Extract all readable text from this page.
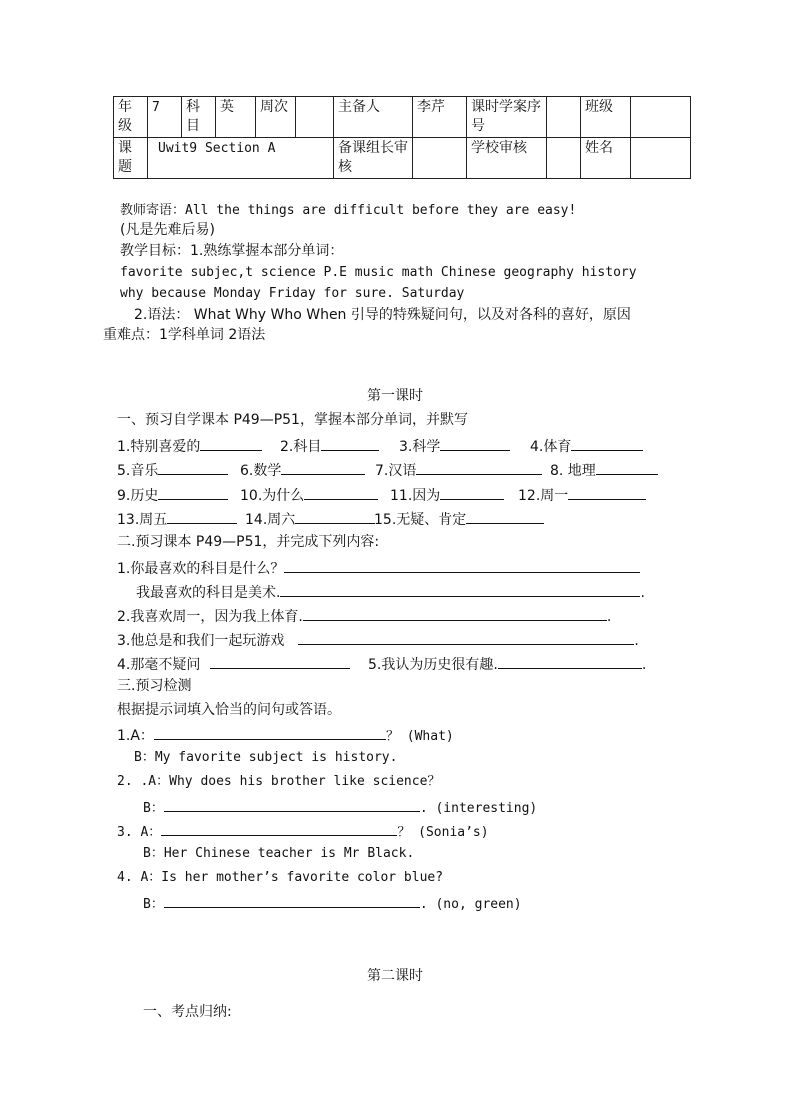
年级	7	科目	英	周次		主备人	李芹	课时学案序号		班级	
课题	Uwit9 Section A					备课组长审核		学校审核		姓名	
教师寄语：All the things are difficult before they are easy!
(凡是先难后易)
教学目标：1.熟练掌握本部分单词：
favorite subjec,t science P.E music math Chinese geography history
why because Monday Friday for sure. Saturday
2.语法： What Why Who When 引导的特殊疑问句，以及对各科的喜好，原因
重难点：1学科单词 2语法
第一课时
一、预习自学课本 P49—P51，掌握本部分单词，并默写
1.特别喜爱的	2.科目	3.科学	4.体育
5.音乐	6.数学	7.汉语	8. 地理
9.历史	10.为什么	11.因为	12.周一
13.周五	14.周六	15.无疑、肯定
二.预习课本 P49—P51，并完成下列内容:
1.你最喜欢的科目是什么？
我最喜欢的科目是美术.	.
2.我喜欢周一，因为我上体育.	.
3.他总是和我们一起玩游戏	.
4.那毫不疑问	5.我认为历史很有趣.	.
三.预习检测
根据提示词填入恰当的问句或答语。
1.A：	？ (What)
B：My favorite subject is history.
2. .A：Why does his brother like science？
B：	. (interesting)
3. A：	？ (Sonia’s)
B：Her Chinese teacher is Mr Black.
4. A：Is her mother’s favorite color blue?
B：	. (no, green)
第二课时
一、考点归纳:
